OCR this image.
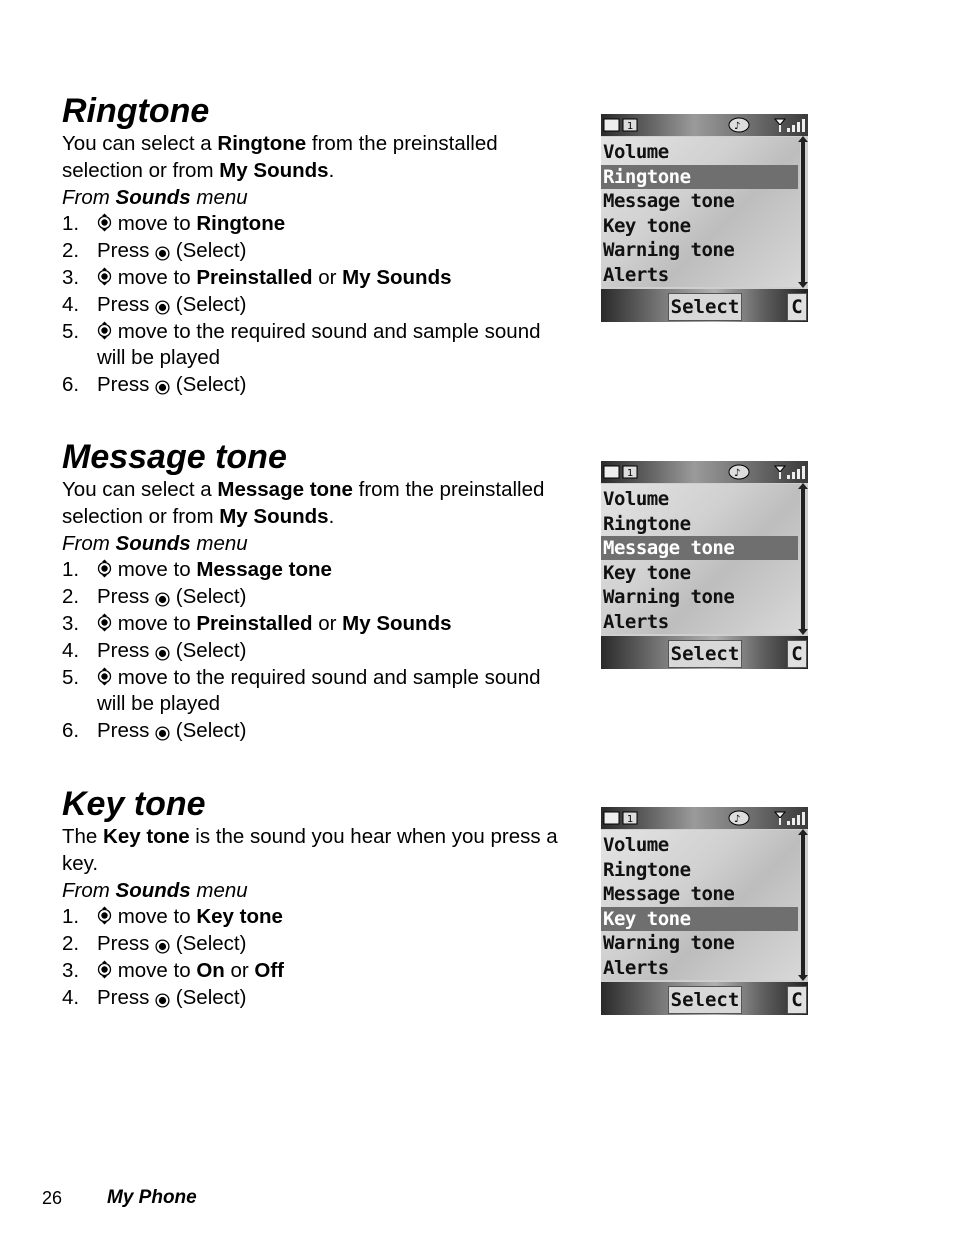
Ringtone

You can select a Ringtone from the preinstalled selection or from My Sounds.

From Sounds menu

1. move to Ringtone
2. Press  (Select)
3. move to Preinstalled or My Sounds
4. Press  (Select)
5. move to the required sound and sample sound will be played
6. Press  (Select)
Message tone

You can select a Message tone from the preinstalled selection or from My Sounds.

From Sounds menu

1. move to Message tone
2. Press  (Select)
3. move to Preinstalled or My Sounds
4. Press  (Select)
5. move to the required sound and sample sound will be played
6. Press  (Select)
Key tone

The Key tone is the sound you hear when you press a key.

From Sounds menu

1. move to Key tone
2. Press  (Select)
3. move to On or Off
4. Press  (Select)
1	♪
Volume
Ringtone
Message tone
Key tone
Warning tone
Alerts
Select	C
1	♪
Volume
Ringtone
Message tone
Key tone
Warning tone
Alerts
Select	C
1	♪
Volume
Ringtone
Message tone
Key tone
Warning tone
Alerts
Select	C
26 My Phone
